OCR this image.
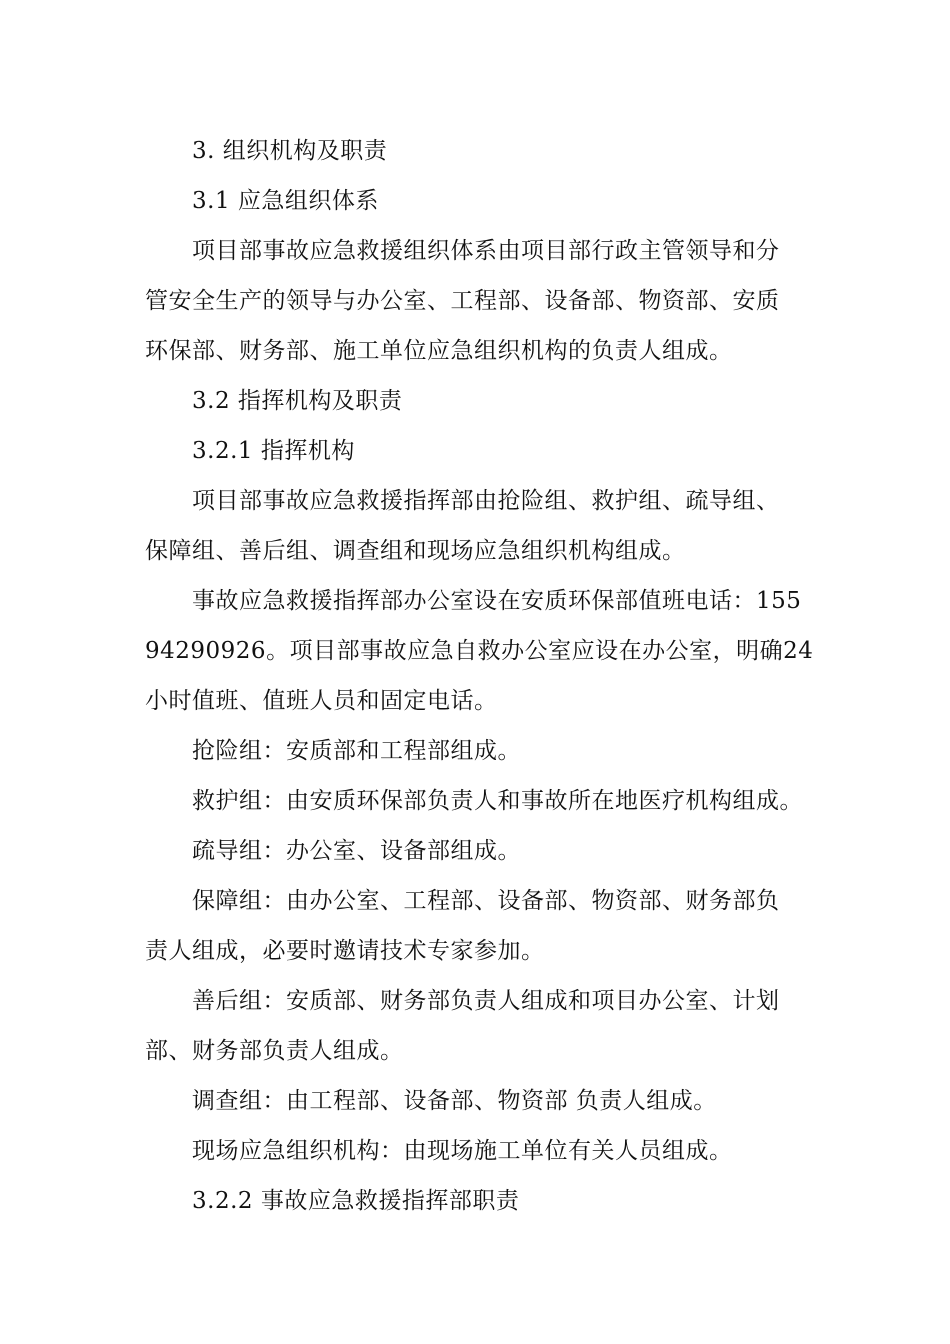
3. 组织机构及职责
3.1 应急组织体系
项目部事故应急救援组织体系由项目部行政主管领导和分
管安全生产的领导与办公室、工程部、设备部、物资部、安质
环保部、财务部、施工单位应急组织机构的负责人组成。
3.2 指挥机构及职责
3.2.1 指挥机构
项目部事故应急救援指挥部由抢险组、救护组、疏导组、
保障组、善后组、调查组和现场应急组织机构组成。
事故应急救援指挥部办公室设在安质环保部值班电话：155
94290926。项目部事故应急自救办公室应设在办公室，明确24
小时值班、值班人员和固定电话。
抢险组：安质部和工程部组成。
救护组：由安质环保部负责人和事故所在地医疗机构组成。
疏导组：办公室、设备部组成。
保障组：由办公室、工程部、设备部、物资部、财务部负
责人组成，必要时邀请技术专家参加。
善后组：安质部、财务部负责人组成和项目办公室、计划
部、财务部负责人组成。
调查组：由工程部、设备部、物资部 负责人组成。
现场应急组织机构：由现场施工单位有关人员组成。
3.2.2 事故应急救援指挥部职责
